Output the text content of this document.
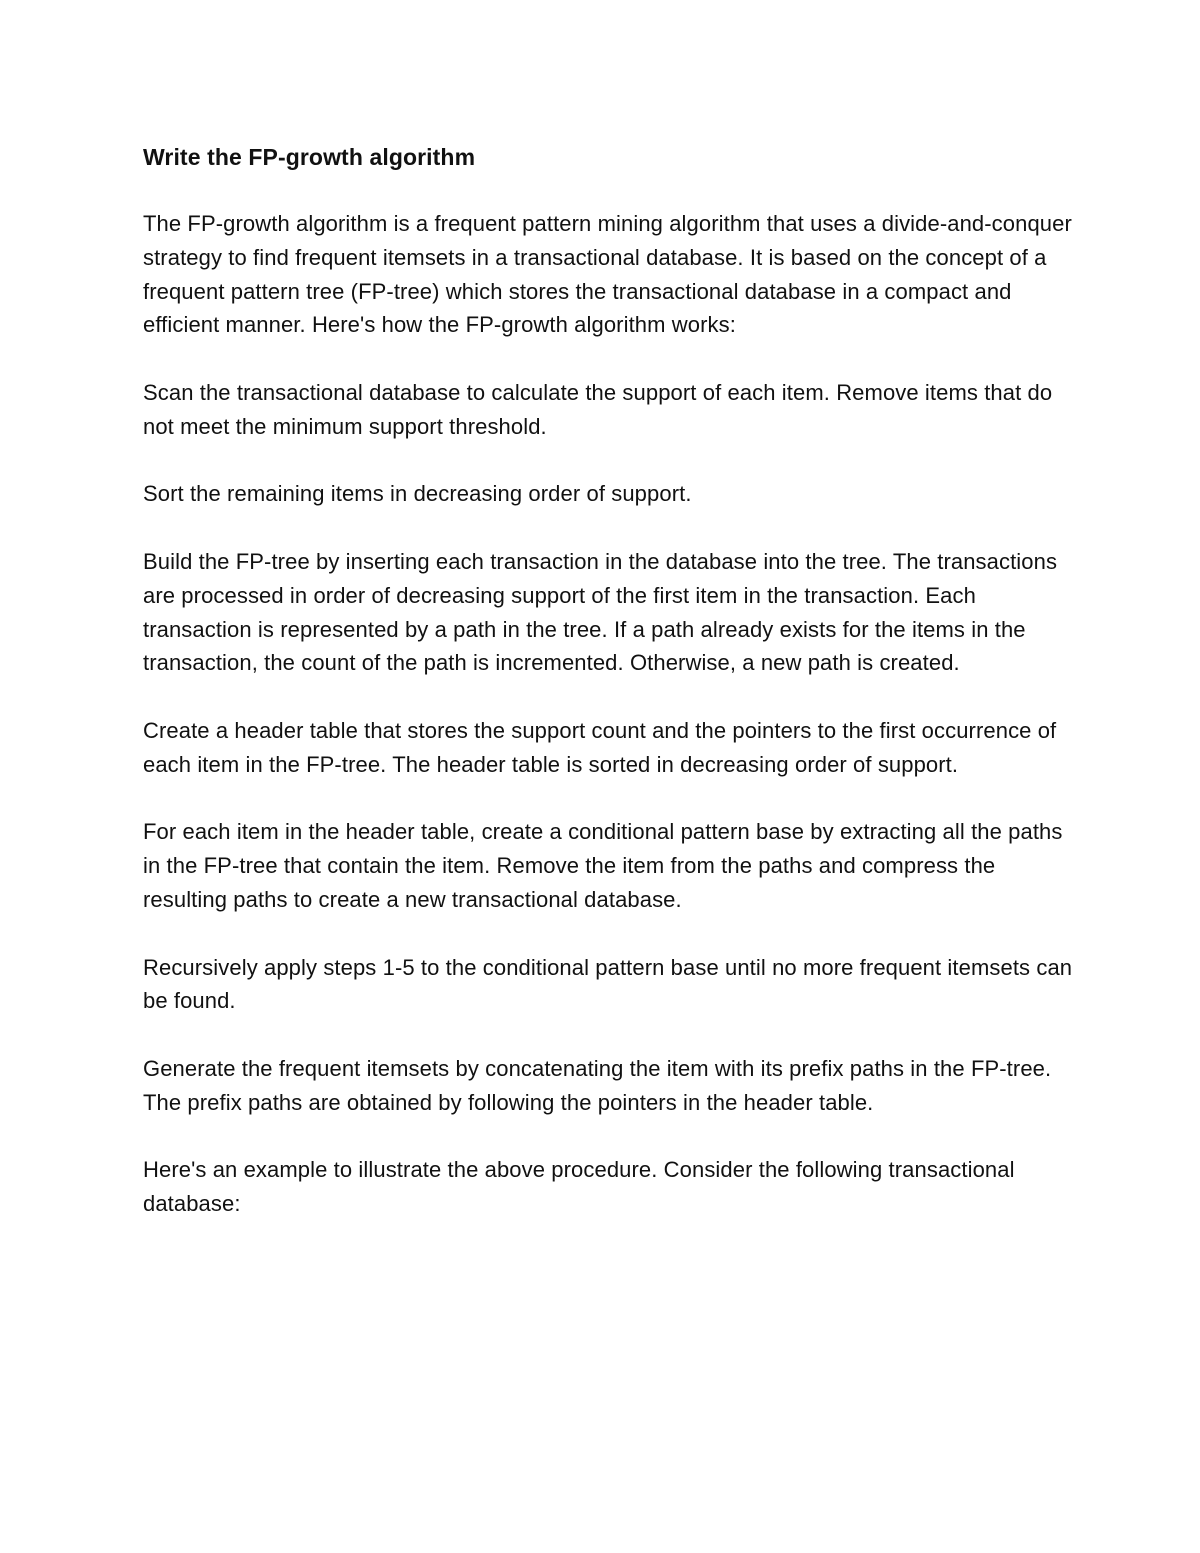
Write the FP-growth algorithm

The FP-growth algorithm is a frequent pattern mining algorithm that uses a divide-and-conquer strategy to find frequent itemsets in a transactional database. It is based on the concept of a frequent pattern tree (FP-tree) which stores the transactional database in a compact and efficient manner. Here's how the FP-growth algorithm works:

Scan the transactional database to calculate the support of each item. Remove items that do not meet the minimum support threshold.

Sort the remaining items in decreasing order of support.

Build the FP-tree by inserting each transaction in the database into the tree. The transactions are processed in order of decreasing support of the first item in the transaction. Each transaction is represented by a path in the tree. If a path already exists for the items in the transaction, the count of the path is incremented. Otherwise, a new path is created.

Create a header table that stores the support count and the pointers to the first occurrence of each item in the FP-tree. The header table is sorted in decreasing order of support.

For each item in the header table, create a conditional pattern base by extracting all the paths in the FP-tree that contain the item. Remove the item from the paths and compress the resulting paths to create a new transactional database.

Recursively apply steps 1-5 to the conditional pattern base until no more frequent itemsets can be found.

Generate the frequent itemsets by concatenating the item with its prefix paths in the FP-tree. The prefix paths are obtained by following the pointers in the header table.

Here's an example to illustrate the above procedure. Consider the following transactional database:
